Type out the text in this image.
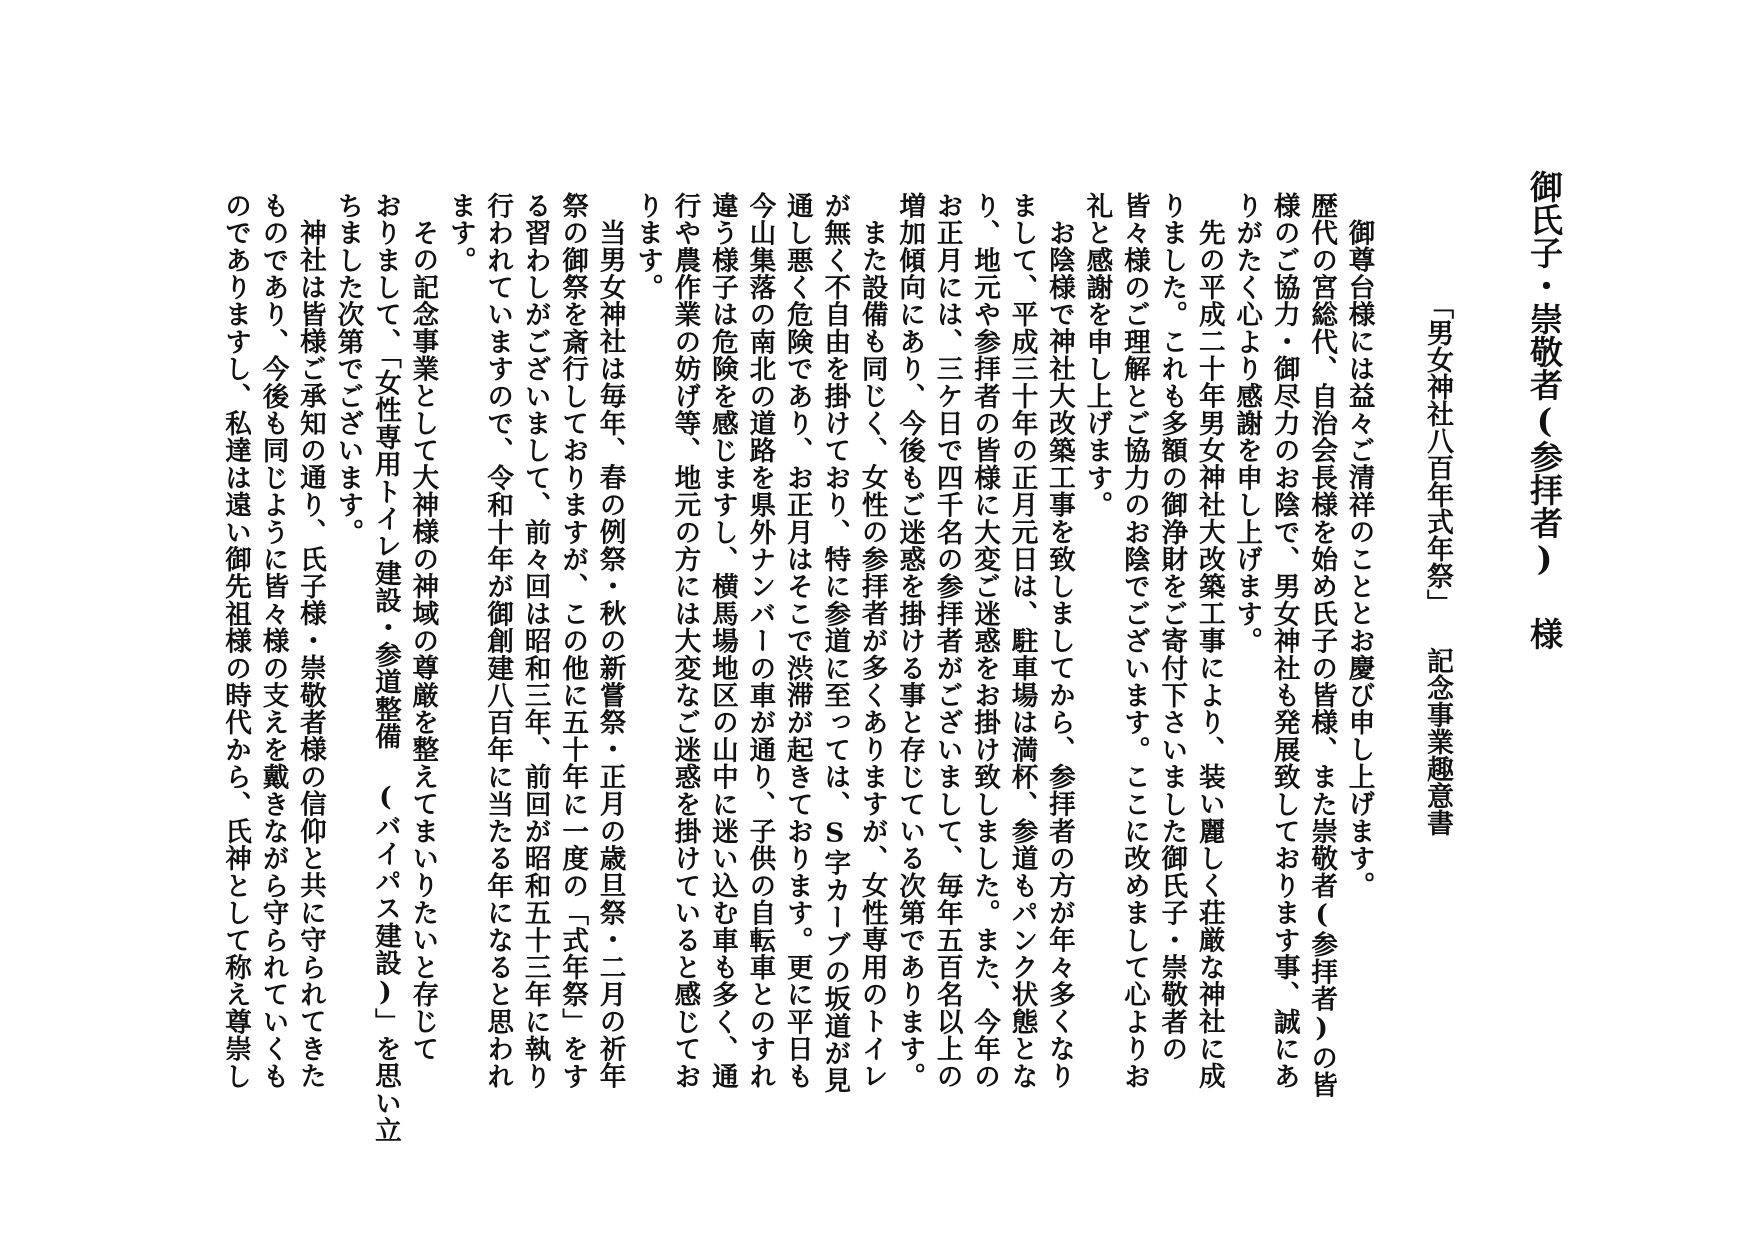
御氏子・崇敬者(参拝者) 様
「男女神社八百年式年祭」 記念事業趣意書
御尊台様には益々ご清祥のこととお慶び申し上げます。
歴代の宮総代、自治会長様を始め氏子の皆様、また崇敬者(参拝者)の皆
様のご協力・御尽力のお陰で、男女神社も発展致しております事、誠にあ
りがたく心より感謝を申し上げます。
先の平成二十年男女神社大改築工事により、装い麗しく荘厳な神社に成
りました。これも多額の御浄財をご寄付下さいました御氏子・崇敬者の
皆々様のご理解とご協力のお陰でございます。ここに改めまして心よりお
礼と感謝を申し上げます。
お陰様で神社大改築工事を致しましてから、参拝者の方が年々多くなり
まして、平成三十年の正月元日は、駐車場は満杯、参道もパンク状態とな
り、地元や参拝者の皆様に大変ご迷惑をお掛け致しました。また、今年の
お正月には、三ケ日で四千名の参拝者がございまして、毎年五百名以上の
増加傾向にあり、今後もご迷惑を掛ける事と存じている次第であります。
また設備も同じく、女性の参拝者が多くありますが、女性専用のトイレ
が無く不自由を掛けており、特に参道に至っては、S字カーブの坂道が見
通し悪く危険であり、お正月はそこで渋滞が起きております。更に平日も
今山集落の南北の道路を県外ナンバーの車が通り、子供の自転車とのすれ
違う様子は危険を感じますし、横馬場地区の山中に迷い込む車も多く、通
行や農作業の妨げ等、地元の方には大変なご迷惑を掛けていると感じてお
ります。
当男女神社は毎年、春の例祭・秋の新嘗祭・正月の歳旦祭・二月の祈年
祭の御祭を斎行しておりますが、この他に五十年に一度の「式年祭」をす
る習わしがございまして、前々回は昭和三年、前回が昭和五十三年に執り
行われていますので、令和十年が御創建八百年に当たる年になると思われ
ます。
その記念事業として大神様の神域の尊厳を整えてまいりたいと存じて
おりまして、「女性専用トイレ建設・参道整備 (バイパス建設)」を思い立
ちました次第でございます。
神社は皆様ご承知の通り、氏子様・崇敬者様の信仰と共に守られてきた
ものであり、今後も同じように皆々様の支えを戴きながら守られていくも
のでありますし、私達は遠い御先祖様の時代から、氏神として称え尊崇し
